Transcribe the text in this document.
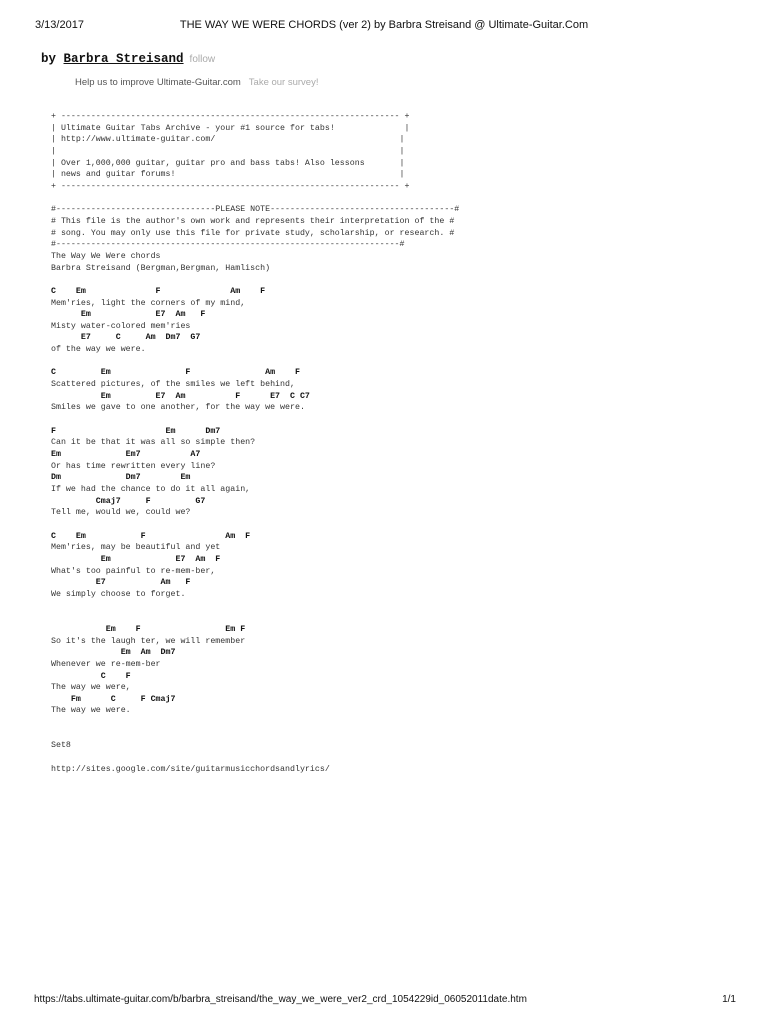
3/13/2017	THE WAY WE WERE CHORDS (ver 2) by Barbra Streisand @ Ultimate-Guitar.Com
by Barbra Streisand follow
Help us to improve Ultimate-Guitar.com Take our survey!
+ -------------------------------------------------------------------- +
| Ultimate Guitar Tabs Archive - your #1 source for tabs!              |
| http://www.ultimate-guitar.com/                                     |
|                                                                     |
| Over 1,000,000 guitar, guitar pro and bass tabs! Also lessons       |
| news and guitar forums!                                             |
+ -------------------------------------------------------------------- +

#--------------------------------PLEASE NOTE-------------------------------------#
# This file is the author's own work and represents their interpretation of the #
# song. You may only use this file for private study, scholarship, or research. #
#---------------------------------------------------------------------#
The Way We Were chords
Barbra Streisand (Bergman,Bergman, Hamlisch)

C    Em              F              Am    F
Mem'ries, light the corners of my mind,
Em             E7  Am   F
Misty water-colored mem'ries
E7     C     Am  Dm7  G7
of the way we were.

C         Em               F               Am    F
Scattered pictures, of the smiles we left behind,
Em         E7  Am          F      E7  C C7
Smiles we gave to one another, for the way we were.

F                      Em      Dm7
Can it be that it was all so simple then?
Em             Em7          A7
Or has time rewritten every line?
Dm             Dm7        Em
If we had the chance to do it all again,
Cmaj7     F         G7
Tell me, would we, could we?

C    Em           F                Am  F
Mem'ries, may be beautiful and yet
Em             E7  Am  F
What's too painful to re-mem-ber,
E7           Am   F
We simply choose to forget.

Em    F                 Em F
So it's the laugh ter, we will remember
Em  Am  Dm7
Whenever we re-mem-ber
C    F
The way we were,
Fm      C     F Cmaj7
The way we were.

Set8

http://sites.google.com/site/guitarmusicchordsandlyrics/

https://tabs.ultimate-guitar.com/b/barbra_streisand/the_way_we_were_ver2_crd_1054229id_06052011date.htm	1/1
